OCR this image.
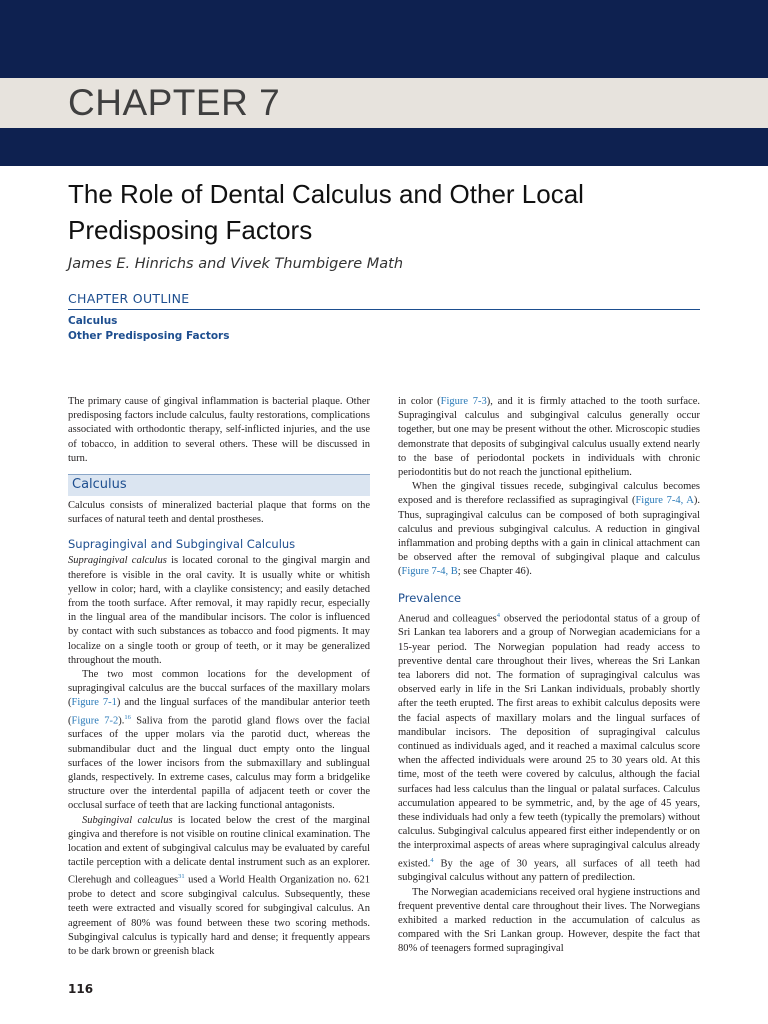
CHAPTER 7
The Role of Dental Calculus and Other Local Predisposing Factors

James E. Hinrichs and Vivek Thumbigere Math

CHAPTER OUTLINE

Calculus
Other Predisposing Factors

The primary cause of gingival inflammation is bacterial plaque. Other predisposing factors include calculus, faulty restorations, complications associated with orthodontic therapy, self-inflicted injuries, and the use of tobacco, in addition to several others. These will be discussed in turn.

Calculus

Calculus consists of mineralized bacterial plaque that forms on the surfaces of natural teeth and dental prostheses.

Supragingival and Subgingival Calculus

Supragingival calculus is located coronal to the gingival margin and therefore is visible in the oral cavity. It is usually white or whitish yellow in color; hard, with a claylike consistency; and easily detached from the tooth surface. After removal, it may rapidly recur, especially in the lingual area of the mandibular incisors. The color is influenced by contact with such substances as tobacco and food pigments. It may localize on a single tooth or group of teeth, or it may be generalized throughout the mouth.

The two most common locations for the development of supragingival calculus are the buccal surfaces of the maxillary molars (Figure 7-1) and the lingual surfaces of the mandibular anterior teeth (Figure 7-2).$^{16}$ Saliva from the parotid gland flows over the facial surfaces of the upper molars via the parotid duct, whereas the submandibular duct and the lingual duct empty onto the lingual surfaces of the lower incisors from the submaxillary and sublingual glands, respectively. In extreme cases, calculus may form a bridgelike structure over the interdental papilla of adjacent teeth or cover the occlusal surface of teeth that are lacking functional antagonists.

Subgingival calculus is located below the crest of the marginal gingiva and therefore is not visible on routine clinical examination. The location and extent of subgingival calculus may be evaluated by careful tactile perception with a delicate dental instrument such as an explorer. Clerehugh and colleagues$^{31}$ used a World Health Organization no. 621 probe to detect and score subgingival calculus. Subsequently, these teeth were extracted and visually scored for subgingival calculus. An agreement of 80% was found between these two scoring methods. Subgingival calculus is typically hard and dense; it frequently appears to be dark brown or greenish black

in color (Figure 7-3), and it is firmly attached to the tooth surface. Supragingival calculus and subgingival calculus generally occur together, but one may be present without the other. Microscopic studies demonstrate that deposits of subgingival calculus usually extend nearly to the base of periodontal pockets in individuals with chronic periodontitis but do not reach the junctional epithelium.

When the gingival tissues recede, subgingival calculus becomes exposed and is therefore reclassified as supragingival (Figure 7-4, A). Thus, supragingival calculus can be composed of both supragingival calculus and previous subgingival calculus. A reduction in gingival inflammation and probing depths with a gain in clinical attachment can be observed after the removal of subgingival plaque and calculus (Figure 7-4, B; see Chapter 46).

Prevalence

Anerud and colleagues$^4$ observed the periodontal status of a group of Sri Lankan tea laborers and a group of Norwegian academicians for a 15-year period. The Norwegian population had ready access to preventive dental care throughout their lives, whereas the Sri Lankan tea laborers did not. The formation of supragingival calculus was observed early in life in the Sri Lankan individuals, probably shortly after the teeth erupted. The first areas to exhibit calculus deposits were the facial aspects of maxillary molars and the lingual surfaces of mandibular incisors. The deposition of supragingival calculus continued as individuals aged, and it reached a maximal calculus score when the affected individuals were around 25 to 30 years old. At this time, most of the teeth were covered by calculus, although the facial surfaces had less calculus than the lingual or palatal surfaces. Calculus accumulation appeared to be symmetric, and, by the age of 45 years, these individuals had only a few teeth (typically the premolars) without calculus. Subgingival calculus appeared first either independently or on the interproximal aspects of areas where supragingival calculus already existed.$^4$ By the age of 30 years, all surfaces of all teeth had subgingival calculus without any pattern of predilection.

The Norwegian academicians received oral hygiene instructions and frequent preventive dental care throughout their lives. The Norwegians exhibited a marked reduction in the accumulation of calculus as compared with the Sri Lankan group. However, despite the fact that 80% of teenagers formed supragingival

116
